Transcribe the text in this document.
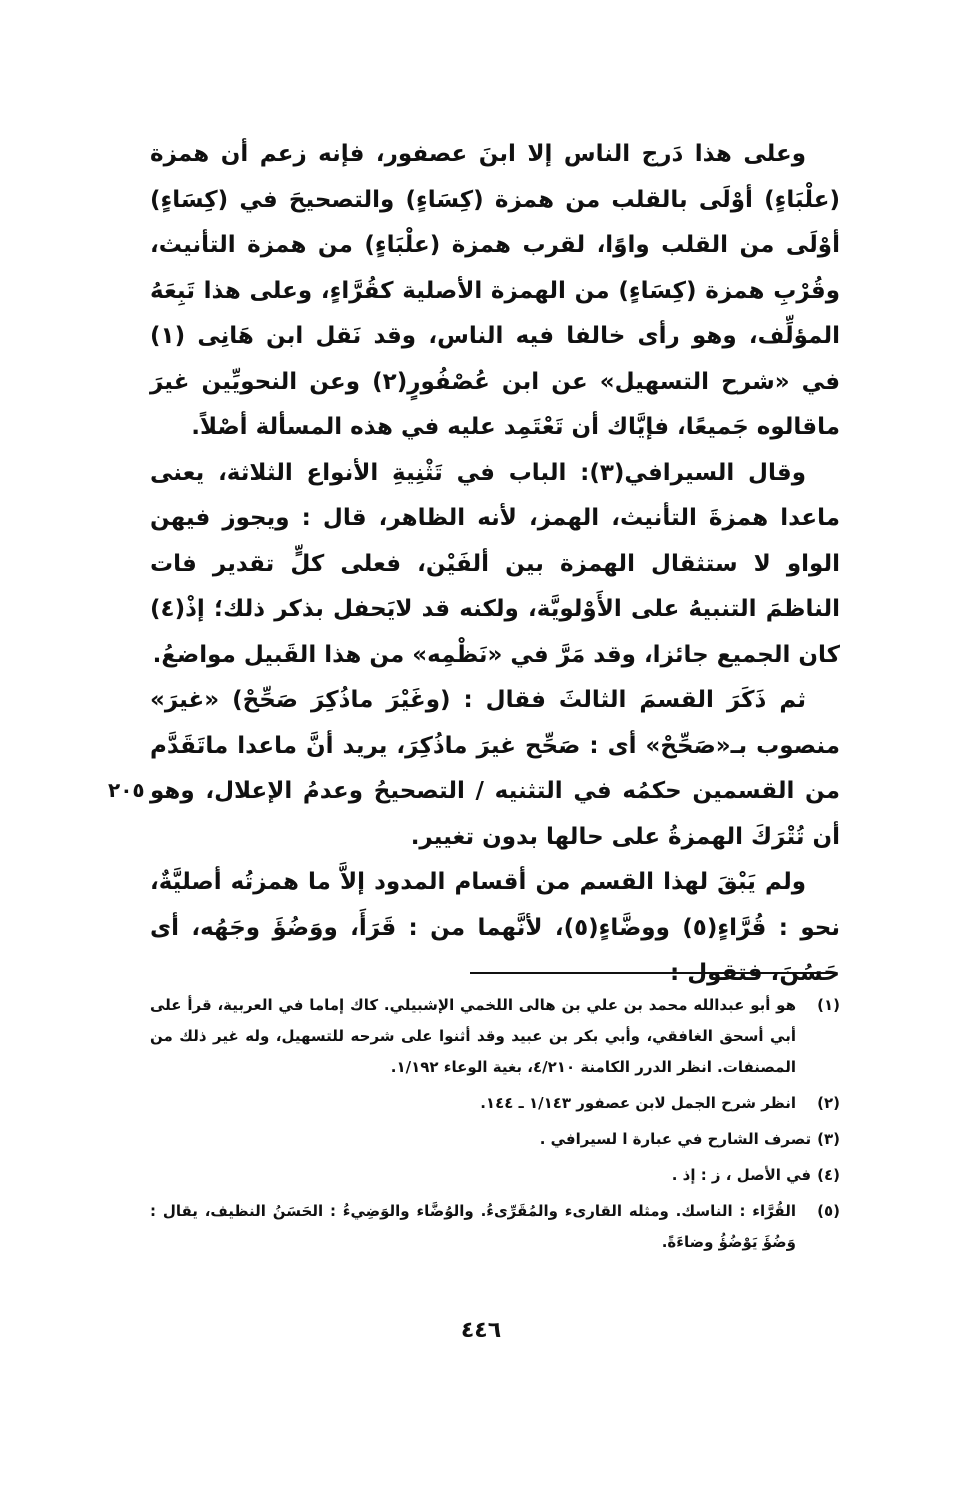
وعلى هذا دَرج الناس إلا ابنَ عصفور، فإنه زعم أن همزة (علْبَاءٍ) أوْلَى بالقلب من همزة (كِسَاءٍ) والتصحيحَ في (كِسَاءٍ) أوْلَى من القلب واوًا، لقرب همزة (علْبَاءٍ) من همزة التأنيث، وقُرْبِ همزة (كِسَاءٍ) من الهمزة الأصلية كقُرَّاءٍ، وعلى هذا تَبِعَهُ المؤلِّف، وهو رأى خالفا فيه الناس، وقد نَقل ابن هَانِى (١) في «شرح التسهيل» عن ابن عُصْفُورٍ(٢) وعن النحويِّين غيرَ ماقالوه جَميعًا، فإيَّاك أن تَعْتَمِد عليه في هذه المسألة أصْلاً.

وقال السيرافي(٣): الباب في تَثْنِيةِ الأنواع الثلاثة، يعنى ماعدا همزةَ التأنيث، الهمز، لأنه الظاهر، قال : ويجوز فيهن الواو لا ستثقال الهمزة بين ألفَيْن، فعلى كلٍّ تقدير فات الناظمَ التنبيهُ على الأَوْلويَّة، ولكنه قد لايَحفل بذكر ذلك؛ إذْ(٤) كان الجميع جائزا، وقد مَرَّ في «نَظْمِه» من هذا القَبيل مواضعُ.

ثم ذَكَرَ القسمَ الثالثَ فقال : (وغَيْرَ ماذُكِرَ صَحِّحْ) «غيرَ» منصوب بـ«صَحِّحْ» أى : صَحِّح غيرَ ماذُكِرَ، يريد أنَّ ماعدا ماتَقَدَّم من القسمين حكمُه في التثنيه / التصحيحُ وعدمُ الإعلال، وهو أن تُتْرَكَ الهمزةُ على حالها بدون تغيير.

ولم يَبْقَ لهذا القسم من أقسام المدود إلاَّ ما همزتُه أصليَّةٌ، نحو : قُرَّاءٍ(٥) ووضَّاءٍ(٥)، لأنَّهما من : قَرَأَ، ووَضُؤَ وجَهُه، أى حَسُنَ، فتقول :

٢٠٥
(١)
هو أبو عبدالله محمد بن علي بن هالى اللخمي الإشبيلي. كاك إماما في العربية، قرأ على أبي أسحق الغافقي، وأبي بكر بن عبيد وقد أثنوا على شرحه للتسهيل، وله غير ذلك من المصنفات. انظر الدرر الكامنة ٤/٢١٠، بغية الوعاء ١/١٩٢.
(٢)
انظر شرح الجمل لابن عصفور ١/١٤٣ ـ ١٤٤.
(٣)
تصرف الشارح في عبارة ا لسيرافي .
(٤)
في الأصل ، ز : إذ .
(٥)
القُرَّاء : الناسك. ومثله القارىء والمُقَرِّىءُ. والوُضَّاء والوَضِيءُ : الحَسَنُ النظيف، يقال : وَضُؤَ يَوْضُؤُ وضاءَةً.
٤٤٦
